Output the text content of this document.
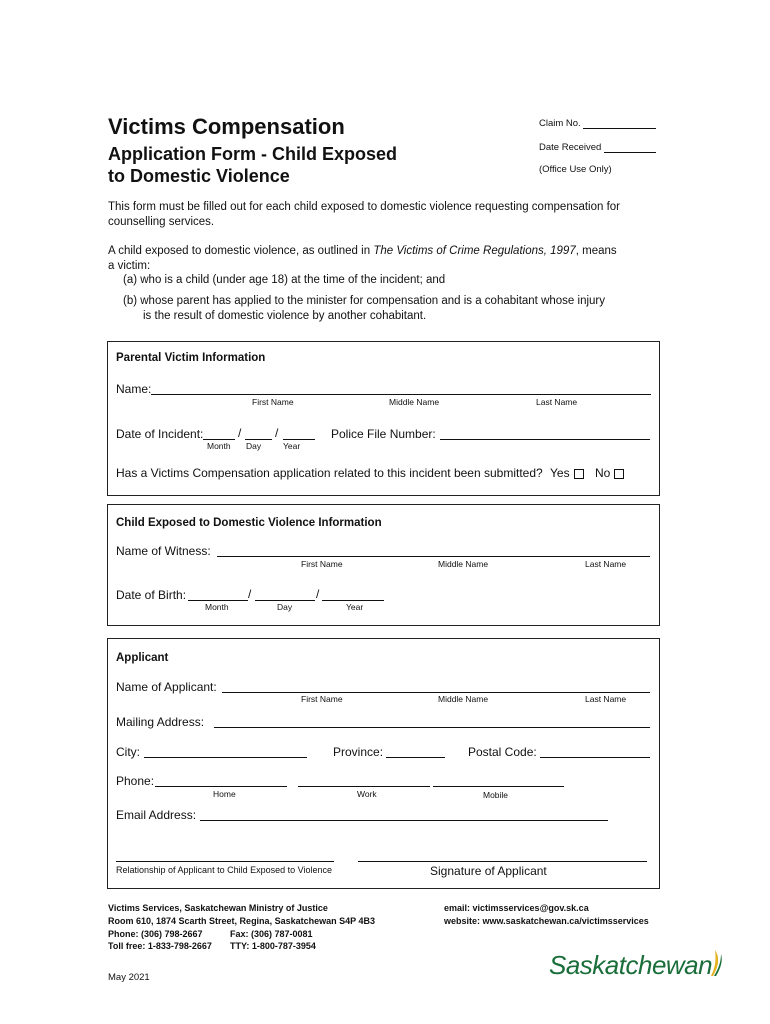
Victims Compensation
Application Form - Child Exposed
to Domestic Violence
Claim No.
Date Received
(Office Use Only)
This form must be filled out for each child exposed to domestic violence requesting compensation for
counselling services.
A child exposed to domestic violence, as outlined in The Victims of Crime Regulations, 1997, means
a victim:
(a) who is a child (under age 18) at the time of the incident; and
(b) whose parent has applied to the minister for compensation and is a cohabitant whose injury
is the result of domestic violence by another cohabitant.
Parental Victim Information
Name:
First Name	Middle Name	Last Name
Date of Incident:	/	/
Month Day	Year
Police File Number:
Has a Victims Compensation application related to this incident been submitted? Yes No
Child Exposed to Domestic Violence Information
Name of Witness:
First Name	Middle Name	Last Name
Date of Birth:	/	/
Month	Day	Year
Applicant
Name of Applicant:
First Name	Middle Name	Last Name
Mailing Address:
City:	Province:	Postal Code:
Phone:
Home	Work	Mobile
Email Address:
Relationship of Applicant to Child Exposed to Violence	Signature of Applicant
Victims Services, Saskatchewan Ministry of Justice
Room 610, 1874 Scarth Street, Regina, Saskatchewan S4P 4B3
Phone: (306) 798-2667	Fax: (306) 787-0081
Toll free: 1-833-798-2667 TTY: 1-800-787-3954
email: victimsservices@gov.sk.ca
website: www.saskatchewan.ca/victimsservices
May 2021	Saskatchewan
